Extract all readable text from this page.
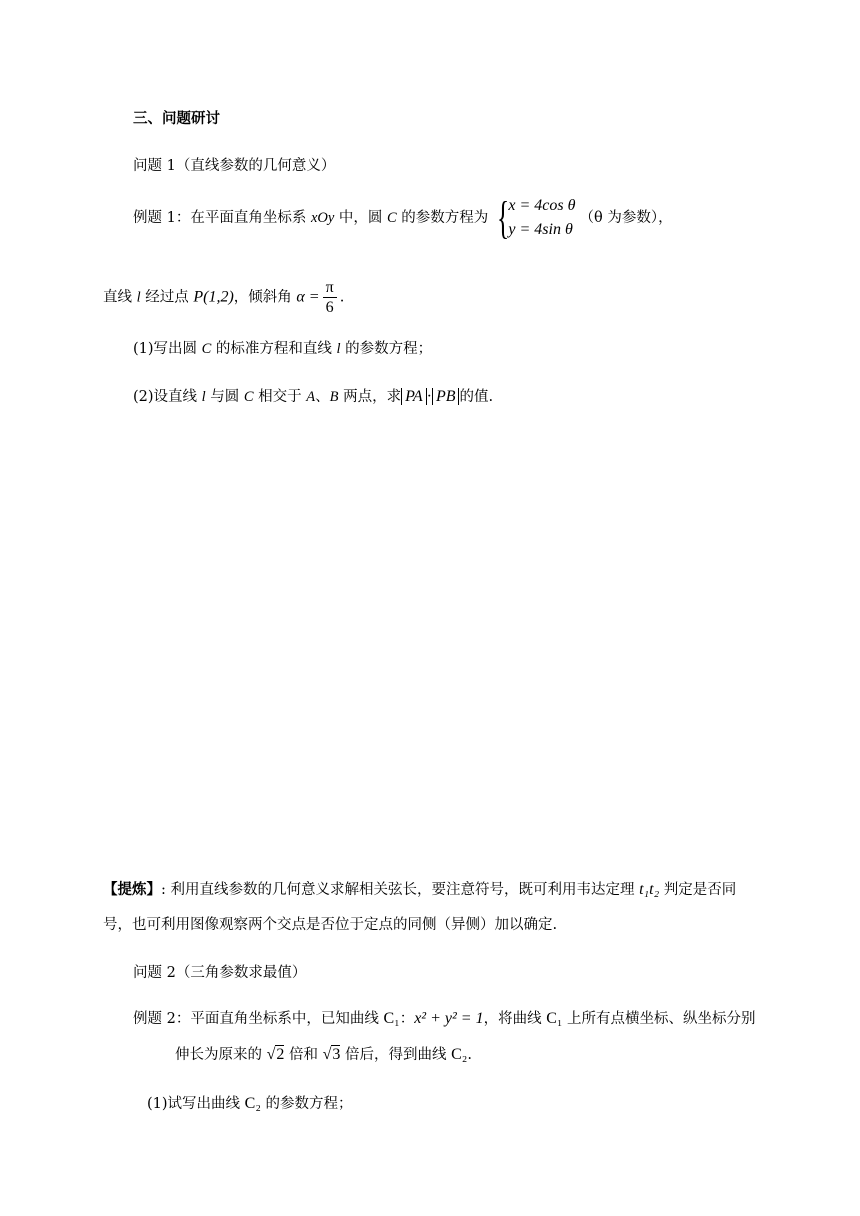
三、问题研讨
问题 1（直线参数的几何意义）
例题 1：在平面直角坐标系 xOy 中，圆 C 的参数方程为 {
x = 4cos θ
y = 4sin θ
（θ 为参数），
直线 l 经过点 P(1,2)，倾斜角 $\alpha = \frac{\pi}{6}$ .
(1)写出圆 C 的标准方程和直线 l 的参数方程；
(2)设直线 l 与圆 C 相交于 A、B 两点，求 PA · PB 的值.
【提炼】: 利用直线参数的几何意义求解相关弦长，要注意符号，既可利用韦达定理 t₁t₂ 判定是否同
号，也可利用图像观察两个交点是否位于定点的同侧（异侧）加以确定.
问题 2（三角参数求最值）
例题 2：平面直角坐标系中，已知曲线 C₁：x² + y² = 1，将曲线 C₁ 上所有点横坐标、纵坐标分别
伸长为原来的 √2 倍和 √3 倍后，得到曲线 C₂.
(1)试写出曲线 C₂ 的参数方程；
